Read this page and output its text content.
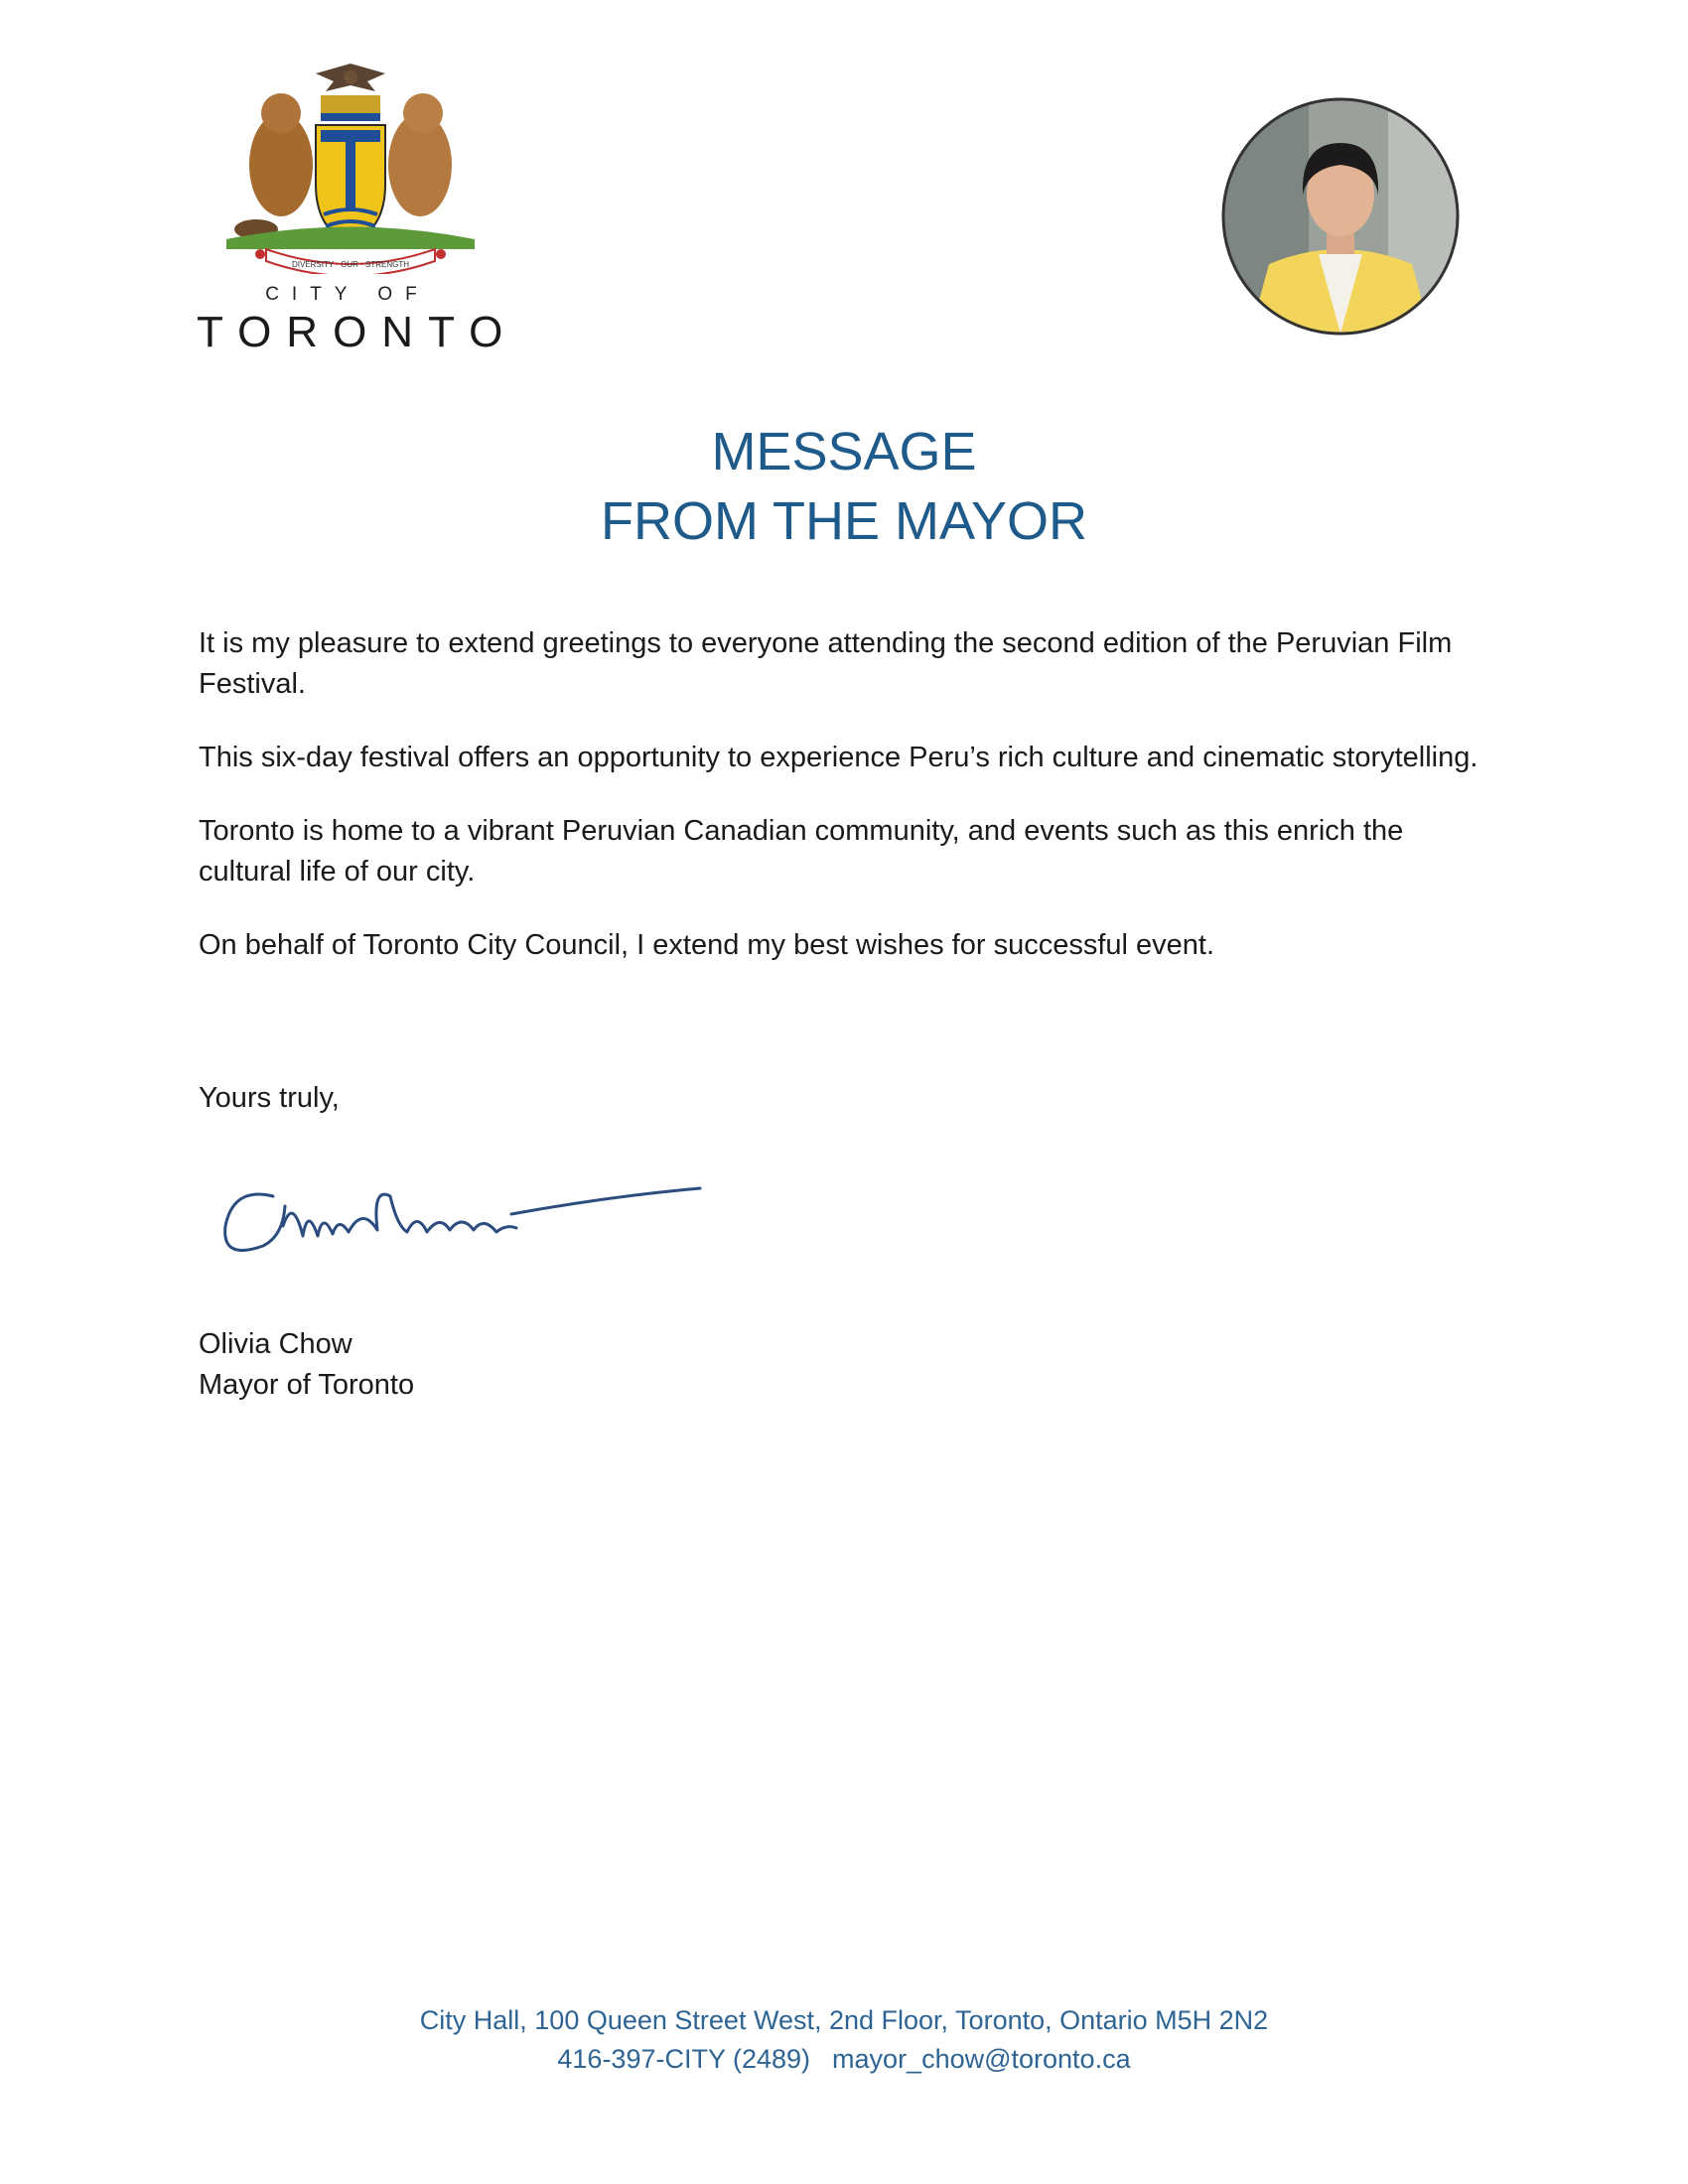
DIVERSITY · OUR · STRENGTH
CITY OF
TORONTO
MESSAGE
FROM THE MAYOR

It is my pleasure to extend greetings to everyone attending the second edition of the Peruvian Film Festival.

This six-day festival offers an opportunity to experience Peru’s rich culture and cinematic storytelling.

Toronto is home to a vibrant Peruvian Canadian community, and events such as this enrich the cultural life of our city.

On behalf of Toronto City Council, I extend my best wishes for successful event.

Yours truly,
Olivia Chow
Mayor of Toronto
City Hall, 100 Queen Street West, 2nd Floor, Toronto, Ontario M5H 2N2
416-397-CITY (2489) mayor_chow@toronto.ca
